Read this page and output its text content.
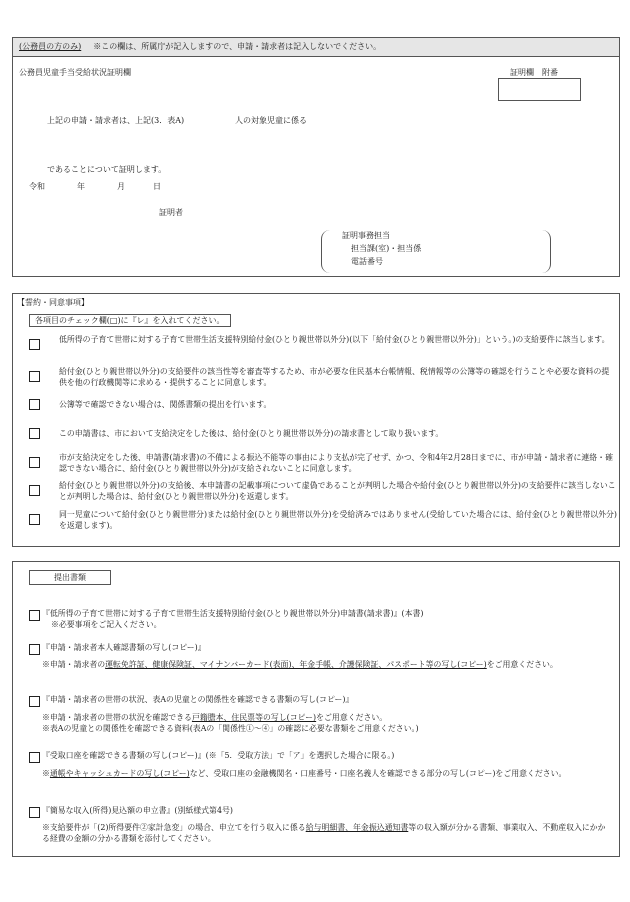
(公務員の方のみ) ※この欄は、所属庁が記入しますので、申請・請求者は記入しないでください。
公務員児童手当受給状況証明欄	証明欄　附番
上記の申請・請求者は、上記(3．表A)	人の対象児童に係る
であることについて証明します。
令和	年	月	日
証明者
証明事務担当
担当課(室)・担当係
電話番号
【誓約・同意事項】
各項目のチェック欄(□)に『レ』を入れてください。
低所得の子育て世帯に対する子育て世帯生活支援特別給付金(ひとり親世帯以外分)(以下「給付金(ひとり親世帯以外分)」という。)の支給要件に該当します。
給付金(ひとり親世帯以外分)の支給要件の該当性等を審査等するため、市が必要な住民基本台帳情報、税情報等の公簿等の確認を行うことや必要な資料の提供を他の行政機関等に求める・提供することに同意します。
公簿等で確認できない場合は、関係書類の提出を行います。
この申請書は、市において支給決定をした後は、給付金(ひとり親世帯以外分)の請求書として取り扱います。
市が支給決定をした後、申請書(請求書)の不備による振込不能等の事由により支払が完了せず、かつ、令和4年2月28日までに、市が申請・請求者に連絡・確認できない場合に、給付金(ひとり親世帯以外分)が支給されないことに同意します。
給付金(ひとり親世帯以外分)の支給後、本申請書の記載事項について虚偽であることが判明した場合や給付金(ひとり親世帯以外分)の支給要件に該当しないことが判明した場合は、給付金(ひとり親世帯以外分)を返還します。
同一児童について給付金(ひとり親世帯分)または給付金(ひとり親世帯以外分)を受給済みではありません(受給していた場合には、給付金(ひとり親世帯以外分)を返還します)。
提出書類
『低所得の子育て世帯に対する子育て世帯生活支援特別給付金(ひとり親世帯以外分)申請書(請求書)』(本書)
※必要事項をご記入ください。
『申請・請求者本人確認書類の写し(コピー)』
※申請・請求者の運転免許証、健康保険証、マイナンバーカード(表面)、年金手帳、介護保険証、パスポート等の写し(コピー)をご用意ください。
『申請・請求者の世帯の状況、表Aの児童との関係性を確認できる書類の写し(コピー)』
※申請・請求者の世帯の状況を確認できる戸籍謄本、住民票等の写し(コピー)をご用意ください。
※表Aの児童との関係性を確認できる資料(表Aの「関係性①～④」の確認に必要な書類をご用意ください。)
『受取口座を確認できる書類の写し(コピー)』(※「5．受取方法」で「ア」を選択した場合に限る。)
※通帳やキャッシュカードの写し(コピー)など、受取口座の金融機関名・口座番号・口座名義人を確認できる部分の写し(コピー)をご用意ください。
『簡易な収入(所得)見込額の申立書』(別紙様式第4号)
※支給要件が「(2)所得要件②家計急変」の場合、申立てを行う収入に係る給与明細書、年金振込通知書等の収入額が分かる書類、事業収入、不動産収入にかかる経費の金額の分かる書類を添付してください。
